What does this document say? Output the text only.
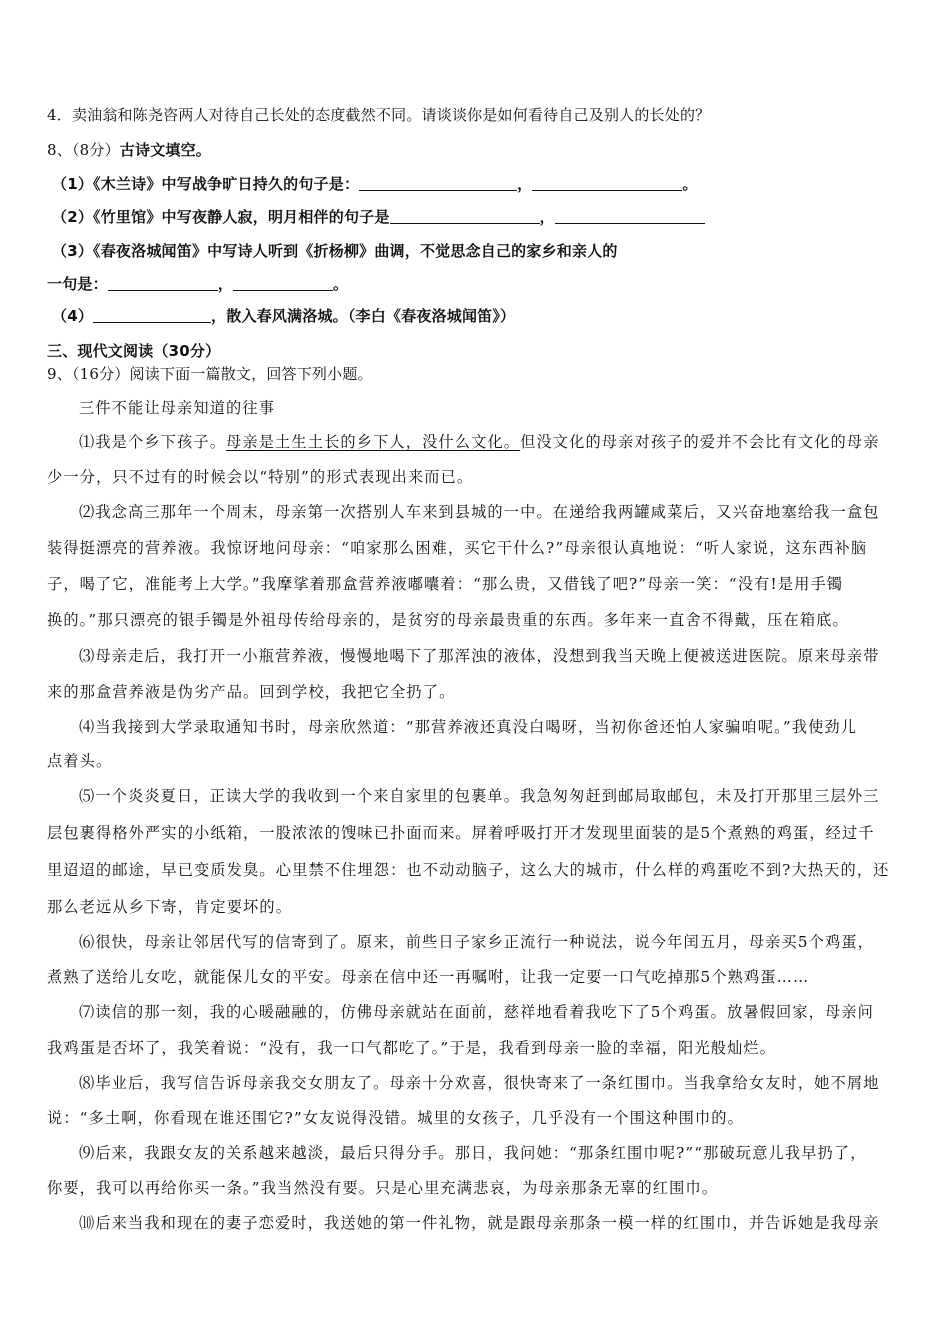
4．卖油翁和陈尧咨两人对待自己长处的态度截然不同。请谈谈你是如何看待自己及别人的长处的？
8、（8分）古诗文填空。
（1）《木兰诗》中写战争旷日持久的句子是：	，	。
（2）《竹里馆》中写夜静人寂，明月相伴的句子是	，
（3）《春夜洛城闻笛》中写诗人听到《折杨柳》曲调，不觉思念自己的家乡和亲人的
一句是：	，	。
（4）	，散入春风满洛城。（李白《春夜洛城闻笛》）
三、现代文阅读（30分）
9、（16分）阅读下面一篇散文，回答下列小题。
三件不能让母亲知道的往事
⑴我是个乡下孩子。母亲是土生土长的乡下人，没什么文化。但没文化的母亲对孩子的爱并不会比有文化的母亲
少一分，只不过有的时候会以“特别”的形式表现出来而已。
⑵我念高三那年一个周末，母亲第一次搭别人车来到县城的一中。在递给我两罐咸菜后，又兴奋地塞给我一盒包
装得挺漂亮的营养液。我惊讶地问母亲：“咱家那么困难，买它干什么?”母亲很认真地说：“听人家说，这东西补脑
子，喝了它，准能考上大学。”我摩挲着那盒营养液嘟囔着：“那么贵，又借钱了吧?”母亲一笑：“没有!是用手镯
换的。”那只漂亮的银手镯是外祖母传给母亲的，是贫穷的母亲最贵重的东西。多年来一直舍不得戴，压在箱底。
⑶母亲走后，我打开一小瓶营养液，慢慢地喝下了那浑浊的液体，没想到我当天晚上便被送进医院。原来母亲带
来的那盒营养液是伪劣产品。回到学校，我把它全扔了。
⑷当我接到大学录取通知书时，母亲欣然道：“那营养液还真没白喝呀，当初你爸还怕人家骗咱呢。”我使劲儿
点着头。
⑸一个炎炎夏日，正读大学的我收到一个来自家里的包裹单。我急匆匆赶到邮局取邮包，未及打开那里三层外三
层包裹得格外严实的小纸箱，一股浓浓的馊味已扑面而来。屏着呼吸打开才发现里面装的是5个煮熟的鸡蛋，经过千
里迢迢的邮途，早已变质发臭。心里禁不住埋怨：也不动动脑子，这么大的城市，什么样的鸡蛋吃不到?大热天的，还
那么老远从乡下寄，肯定要坏的。
⑹很快，母亲让邻居代写的信寄到了。原来，前些日子家乡正流行一种说法，说今年闰五月，母亲买5个鸡蛋，
煮熟了送给儿女吃，就能保儿女的平安。母亲在信中还一再嘱咐，让我一定要一口气吃掉那5个熟鸡蛋……
⑺读信的那一刻，我的心暖融融的，仿佛母亲就站在面前，慈祥地看着我吃下了5个鸡蛋。放暑假回家，母亲问
我鸡蛋是否坏了，我笑着说：“没有，我一口气都吃了。”于是，我看到母亲一脸的幸福，阳光般灿烂。
⑻毕业后，我写信告诉母亲我交女朋友了。母亲十分欢喜，很快寄来了一条红围巾。当我拿给女友时，她不屑地
说：“多土啊，你看现在谁还围它?”女友说得没错。城里的女孩子，几乎没有一个围这种围巾的。
⑼后来，我跟女友的关系越来越淡，最后只得分手。那日，我问她：“那条红围巾呢?”“那破玩意儿我早扔了，
你要，我可以再给你买一条。”我当然没有要。只是心里充满悲哀，为母亲那条无辜的红围巾。
⑽后来当我和现在的妻子恋爱时，我送她的第一件礼物，就是跟母亲那条一模一样的红围巾，并告诉她是我母亲
